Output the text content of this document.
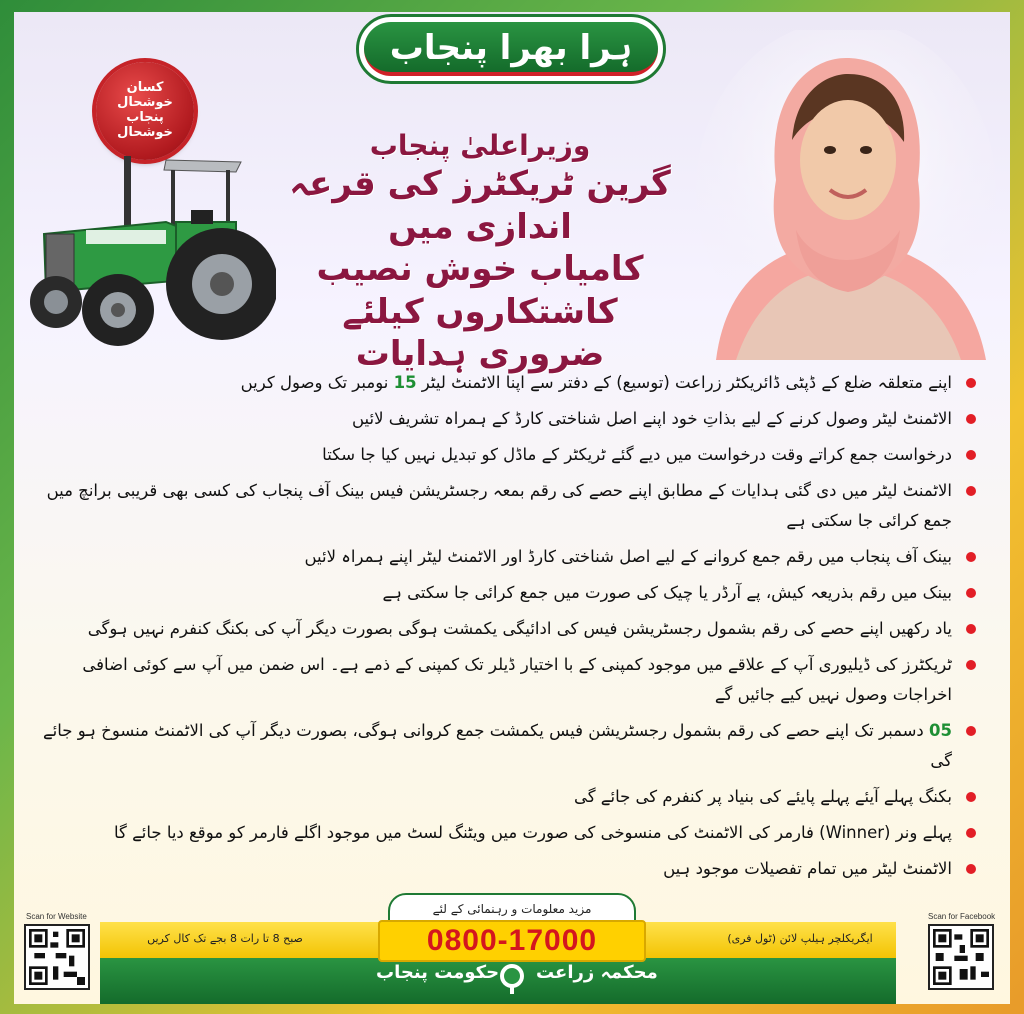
ہرا بھرا پنجاب
کسان
خوشحال
پنجاب
خوشحال	وزیراعلیٰ پنجاب
گرین ٹریکٹرز کی قرعہ اندازی میں
کامیاب خوش نصیب کاشتکاروں کیلئے
ضروری ہدایات
اپنے متعلقہ ضلع کے ڈپٹی ڈائریکٹر زراعت (توسیع) کے دفتر سے اپنا الاٹمنٹ لیٹر 15 نومبر تک وصول کریں
الاٹمنٹ لیٹر وصول کرنے کے لیے بذاتِ خود اپنے اصل شناختی کارڈ کے ہمراہ تشریف لائیں
درخواست جمع کراتے وقت درخواست میں دیے گئے ٹریکٹر کے ماڈل کو تبدیل نہیں کیا جا سکتا
الاٹمنٹ لیٹر میں دی گئی ہدایات کے مطابق اپنے حصے کی رقم بمعہ رجسٹریشن فیس بینک آف پنجاب کی کسی بھی قریبی برانچ میں جمع کرائی جا سکتی ہے
بینک آف پنجاب میں رقم جمع کروانے کے لیے اصل شناختی کارڈ اور الاٹمنٹ لیٹر اپنے ہمراہ لائیں
بینک میں رقم بذریعہ کیش، پے آرڈر یا چیک کی صورت میں جمع کرائی جا سکتی ہے
یاد رکھیں اپنے حصے کی رقم بشمول رجسٹریشن فیس کی ادائیگی یکمشت ہوگی بصورت دیگر آپ کی بکنگ کنفرم نہیں ہوگی
ٹریکٹرز کی ڈیلیوری آپ کے علاقے میں موجود کمپنی کے با اختیار ڈیلر تک کمپنی کے ذمے ہے۔ اس ضمن میں آپ سے کوئی اضافی اخراجات وصول نہیں کیے جائیں گے
05 دسمبر تک اپنے حصے کی رقم بشمول رجسٹریشن فیس یکمشت جمع کروانی ہوگی، بصورت دیگر آپ کی الاٹمنٹ منسوخ ہو جائے گی
بکنگ پہلے آیئے پہلے پایئے کی بنیاد پر کنفرم کی جائے گی
پہلے ونر (Winner) فارمر کی الاٹمنٹ کی منسوخی کی صورت میں ویٹنگ لسٹ میں موجود اگلے فارمر کو موقع دیا جائے گا
الاٹمنٹ لیٹر میں تمام تفصیلات موجود ہیں
Scan for Website	Scan for Facebook
مزید معلومات و رہنمائی کے لئے
0800-17000
صبح 8 تا رات 8 بجے تک کال کریں	ایگریکلچر ہیلپ لائن (ٹول فری)
محکمہ زراعت
حکومت پنجاب
